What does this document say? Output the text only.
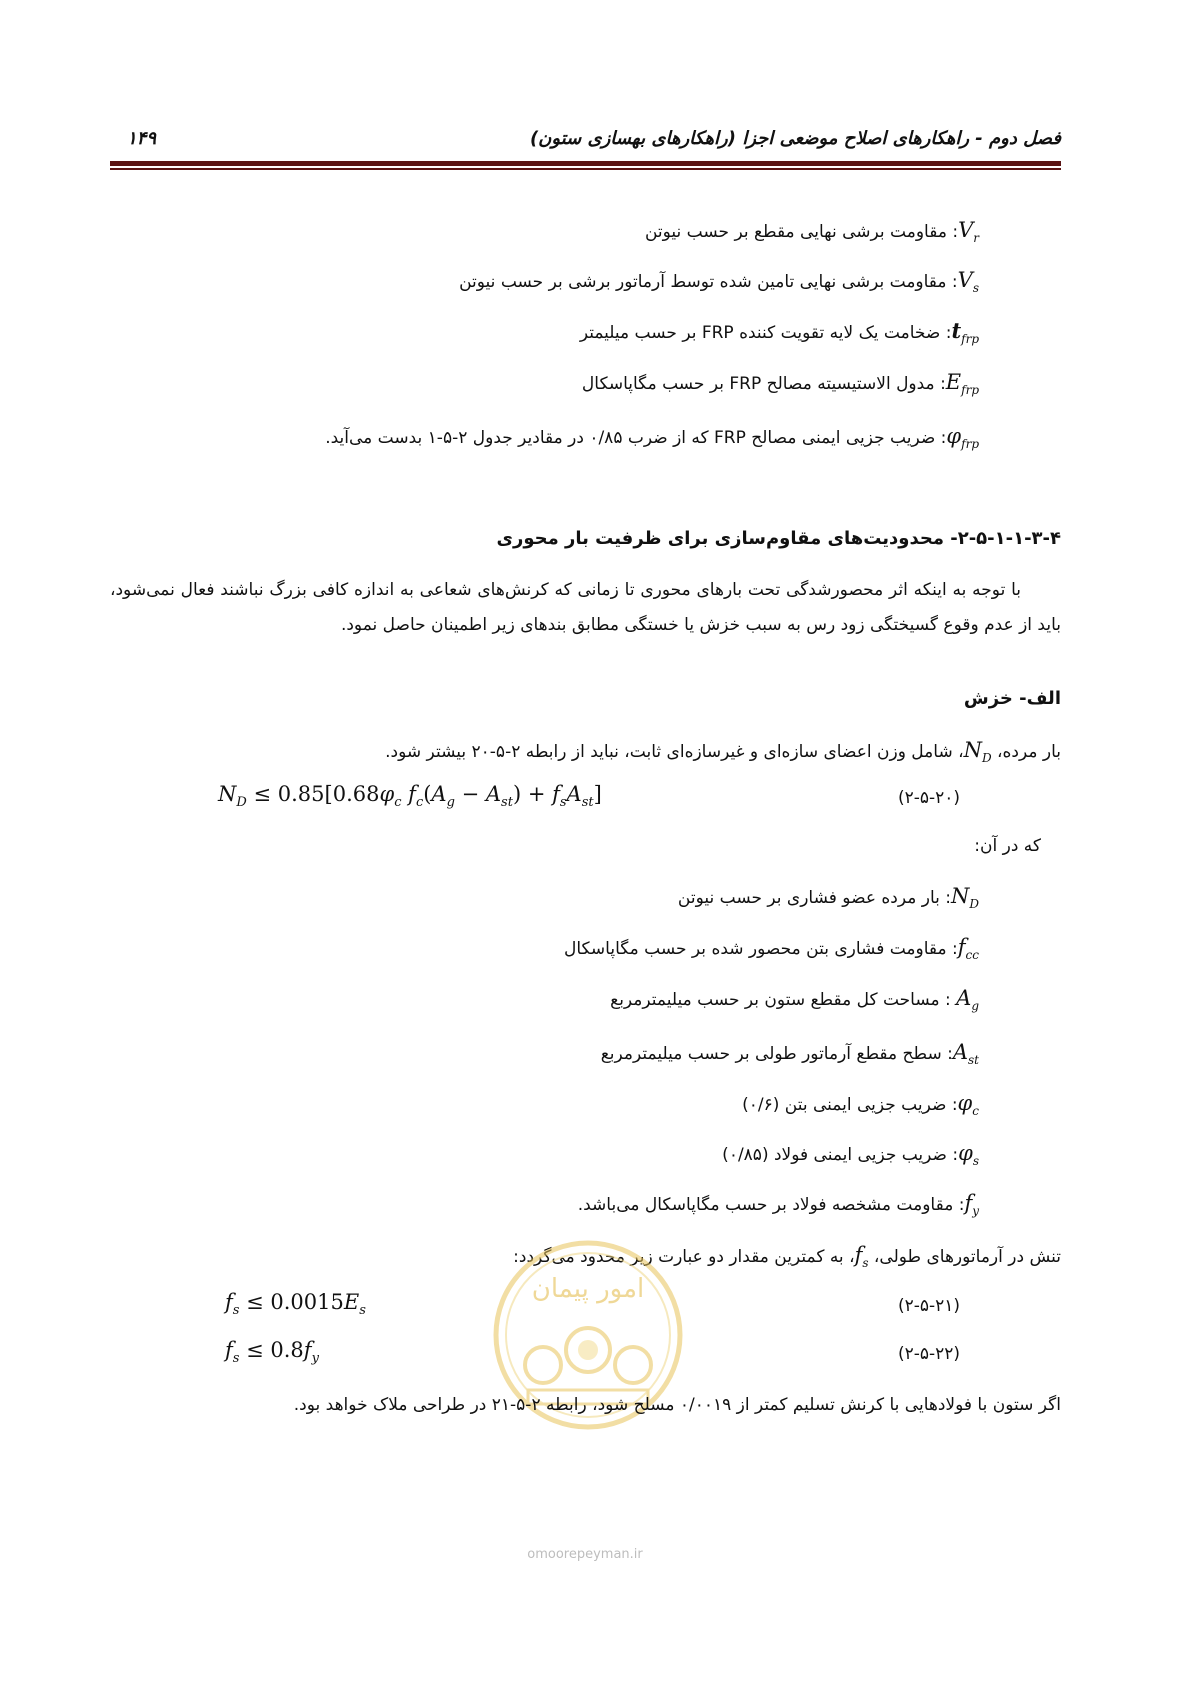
فصل دوم - راهکارهای اصلاح موضعی اجزا (راهکارهای بهسازی ستون)
۱۴۹
$V_r$: مقاومت برشی نهایی مقطع بر حسب نیوتن
$V_s$: مقاومت برشی نهایی تامین شده توسط آرماتور برشی بر حسب نیوتن
$t_{frp}$: ضخامت یک لایه تقویت کننده FRP بر حسب میلیمتر
$E_{frp}$: مدول الاستیسیته مصالح FRP بر حسب مگاپاسکال
$\varphi_{frp}$: ضریب جزیی ایمنی مصالح FRP که از ضرب ۰/۸۵ در مقادیر جدول ۲-۵-۱ بدست می‌آید.
۲-۵-۱-۱-۳-۴- محدودیت‌های مقاوم‌سازی برای ظرفیت بار محوری
با توجه به اینکه اثر محصورشدگی تحت بارهای محوری تا زمانی که کرنش‌های شعاعی به اندازه کافی بزرگ نباشند فعال نمی‌شود، باید از عدم وقوع گسیختگی زود رس به سبب خزش یا خستگی مطابق بندهای زیر اطمینان حاصل نمود.
الف- خزش
بار مرده، $N_D،$ شامل وزن اعضای سازه‌ای و غیرسازه‌ای ثابت، نباید از رابطه ۲-۵-۲۰ بیشتر شود.
$N_D \le 0.85[0.68\varphi_c$ $f_c(A_g - A_{st}) + f_sA_{st}$]	(۲-۵-۲۰)
که در آن:
$N_D$: بار مرده عضو فشاری بر حسب نیوتن
$f_{cc}$: مقاومت فشاری بتن محصور شده بر حسب مگاپاسکال
$A_g$ : مساحت کل مقطع ستون بر حسب میلیمترمربع
$A_{st}$: سطح مقطع آرماتور طولی بر حسب میلیمترمربع
$\varphi_c$: ضریب جزیی ایمنی بتن (۰/۶)
$\varphi_s$: ضریب جزیی ایمنی فولاد (۰/۸۵)
$f_y$: مقاومت مشخصه فولاد بر حسب مگاپاسکال می‌باشد.
تنش در آرماتورهای طولی، $f_s،$ به کمترین مقدار دو عبارت زیر محدود می‌گردد:
$f_s \le 0.0015E_s$	(۲-۵-۲۱)
$f_s \le 0.8f_y$	(۲-۵-۲۲)
امور پیمان
اگر ستون با فولادهایی با کرنش تسلیم کمتر از ۰/۰۰۱۹ مسلح شود، رابطه ۲-۵-۲۱ در طراحی ملاک خواهد بود.
omoorepeyman.ir
